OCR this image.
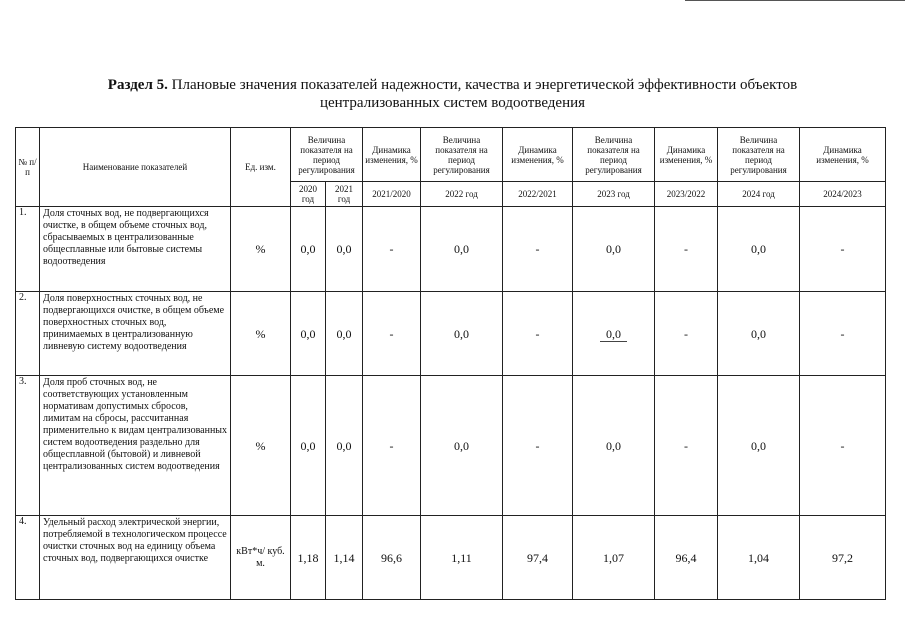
Раздел 5. Плановые значения показателей надежности, качества и энергетической эффективности объектов
централизованных систем водоотведения
№ п/п	Наименование показателей	Ед. изм.	Величина показателя на период регулирования		Динамика изменения, %	Величина показателя на период регулирования	Динамика изменения, %	Величина показателя на период регулирования	Динамика изменения, %	Величина показателя на период регулирования	Динамика изменения, %
			2020 год	2021 год	2021/2020	2022 год	2022/2021	2023 год	2023/2022	2024 год	2024/2023
1.	Доля сточных вод, не подвергающихся очистке, в общем объеме сточных вод, сбрасываемых в централизованные общесплавные или бытовые системы водоотведения	%	0,0	0,0	-	0,0	-	0,0	-	0,0	-
2.	Доля поверхностных сточных вод, не подвергающихся очистке, в общем объеме поверхностных сточных вод, принимаемых в централизованную ливневую систему водоотведения	%	0,0	0,0	-	0,0	-	0,0	-	0,0	-
3.	Доля проб сточных вод, не соответствующих установленным нормативам допустимых сбросов, лимитам на сбросы, рассчитанная применительно к видам централизованных систем водоотведения раздельно для общесплавной (бытовой) и ливневой централизованных систем водоотведения	%	0,0	0,0	-	0,0	-	0,0	-	0,0	-
4.	Удельный расход электрической энергии, потребляемой в технологическом процессе очистки сточных вод на единицу объема сточных вод, подвергающихся очистке	кВт*ч/ куб. м.	1,18	1,14	96,6	1,11	97,4	1,07	96,4	1,04	97,2
